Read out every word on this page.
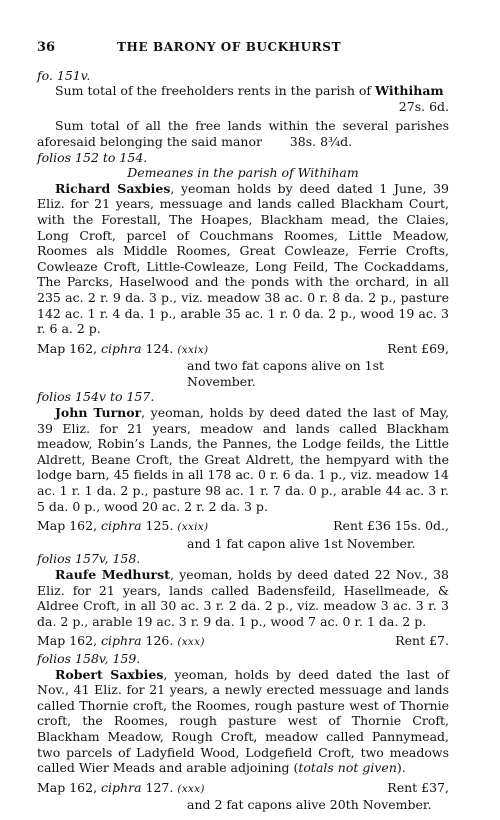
36	THE BARONY OF BUCKHURST
fo. 151v.

Sum total of the freeholders rents in the parish of Withiham

27s. 6d.

Sum total of all the free lands within the several parishes aforesaid belonging the said manor 38s. 8¾d.

folios 152 to 154.
Demeanes in the parish of Withiham

Richard Saxbies, yeoman holds by deed dated 1 June, 39 Eliz. for 21 years, messuage and lands called Blackham Court, with the Forestall, The Hoapes, Blackham mead, the Claies, Long Croft, parcel of Couchmans Roomes, Little Meadow, Roomes als Middle Roomes, Great Cowleaze, Ferrie Crofts, Cowleaze Croft, Little-Cowleaze, Long Feild, The Cockaddams, The Parcks, Haselwood and the ponds with the orchard, in all 235 ac. 2 r. 9 da. 3 p., viz. meadow 38 ac. 0 r. 8 da. 2 p., pasture 142 ac. 1 r. 4 da. 1 p., arable 35 ac. 1 r. 0 da. 2 p., wood 19 ac. 3 r. 6 a. 2 p.

Map 162, ciphra 124. (xxix)	Rent £69,
and two fat capons alive on 1st November.
folios 154v to 157.

John Turnor, yeoman, holds by deed dated the last of May, 39 Eliz. for 21 years, meadow and lands called Blackham meadow, Robin’s Lands, the Pannes, the Lodge feilds, the Little Aldrett, Beane Croft, the Great Aldrett, the hempyard with the lodge barn, 45 fields in all 178 ac. 0 r. 6 da. 1 p., viz. meadow 14 ac. 1 r. 1 da. 2 p., pasture 98 ac. 1 r. 7 da. 0 p., arable 44 ac. 3 r. 5 da. 0 p., wood 20 ac. 2 r. 2 da. 3 p.

Map 162, ciphra 125. (xxix)	Rent £36 15s. 0d.,
and 1 fat capon alive 1st November.
folios 157v, 158.

Raufe Medhurst, yeoman, holds by deed dated 22 Nov., 38 Eliz. for 21 years, lands called Badensfeild, Hasellmeade, & Aldree Croft, in all 30 ac. 3 r. 2 da. 2 p., viz. meadow 3 ac. 3 r. 3 da. 2 p., arable 19 ac. 3 r. 9 da. 1 p., wood 7 ac. 0 r. 1 da. 2 p.

Map 162, ciphra 126. (xxx)	Rent £7.
folios 158v, 159.

Robert Saxbies, yeoman, holds by deed dated the last of Nov., 41 Eliz. for 21 years, a newly erected messuage and lands called Thornie croft, the Roomes, rough pasture west of Thornie croft, the Roomes, rough pasture west of Thornie Croft, Blackham Meadow, Rough Croft, meadow called Pannymead, two parcels of Ladyfield Wood, Lodgefield Croft, two meadows called Wier Meads and arable adjoining (totals not given).

Map 162, ciphra 127. (xxx)	Rent £37,
and 2 fat capons alive 20th November.
